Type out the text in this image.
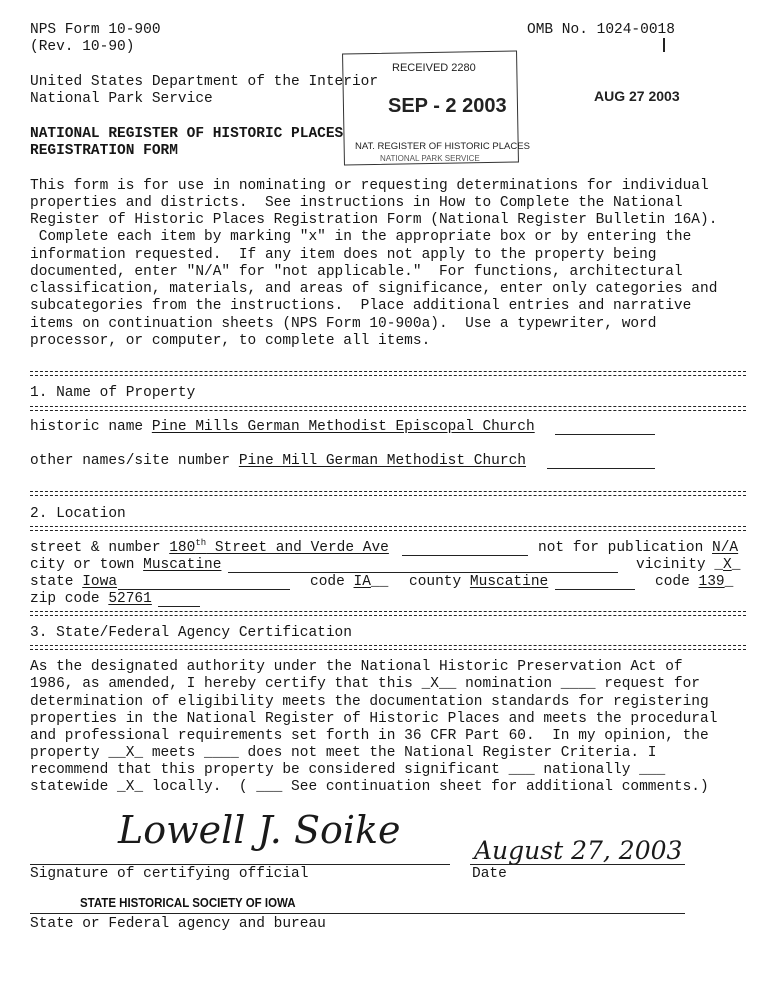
NPS Form 10-900
(Rev. 10-90)
OMB No. 1024-0018
United States Department of the Interior
National Park Service
NATIONAL REGISTER OF HISTORIC PLACES
REGISTRATION FORM
RECEIVED 2280
SEP - 2 2003
NAT. REGISTER OF HISTORIC PLACES
NATIONAL PARK SERVICE
AUG 27 2003
This form is for use in nominating or requesting determinations for individual
properties and districts.  See instructions in How to Complete the National
Register of Historic Places Registration Form (National Register Bulletin 16A).
Complete each item by marking "x" in the appropriate box or by entering the
information requested.  If any item does not apply to the property being
documented, enter "N/A" for "not applicable."  For functions, architectural
classification, materials, and areas of significance, enter only categories and
subcategories from the instructions.  Place additional entries and narrative
items on continuation sheets (NPS Form 10-900a).  Use a typewriter, word
processor, or computer, to complete all items.
1. Name of Property
historic name Pine Mills German Methodist Episcopal Church
other names/site number Pine Mill German Methodist Church
2. Location
street & number 180th Street and Verde Ave	not for publication N/A
city or town Muscatine	vicinity _X_
state Iowa	code IA__ county Muscatine	code 139_
zip code 52761
3. State/Federal Agency Certification
As the designated authority under the National Historic Preservation Act of
1986, as amended, I hereby certify that this _X__ nomination ____ request for
determination of eligibility meets the documentation standards for registering
properties in the National Register of Historic Places and meets the procedural
and professional requirements set forth in 36 CFR Part 60.  In my opinion, the
property __X_ meets ____ does not meet the National Register Criteria. I
recommend that this property be considered significant ___ nationally ___
statewide _X_ locally.  ( ___ See continuation sheet for additional comments.)
Lowell J. Soike	August 27, 2003
Signature of certifying official	Date
STATE HISTORICAL SOCIETY OF IOWA
State or Federal agency and bureau
